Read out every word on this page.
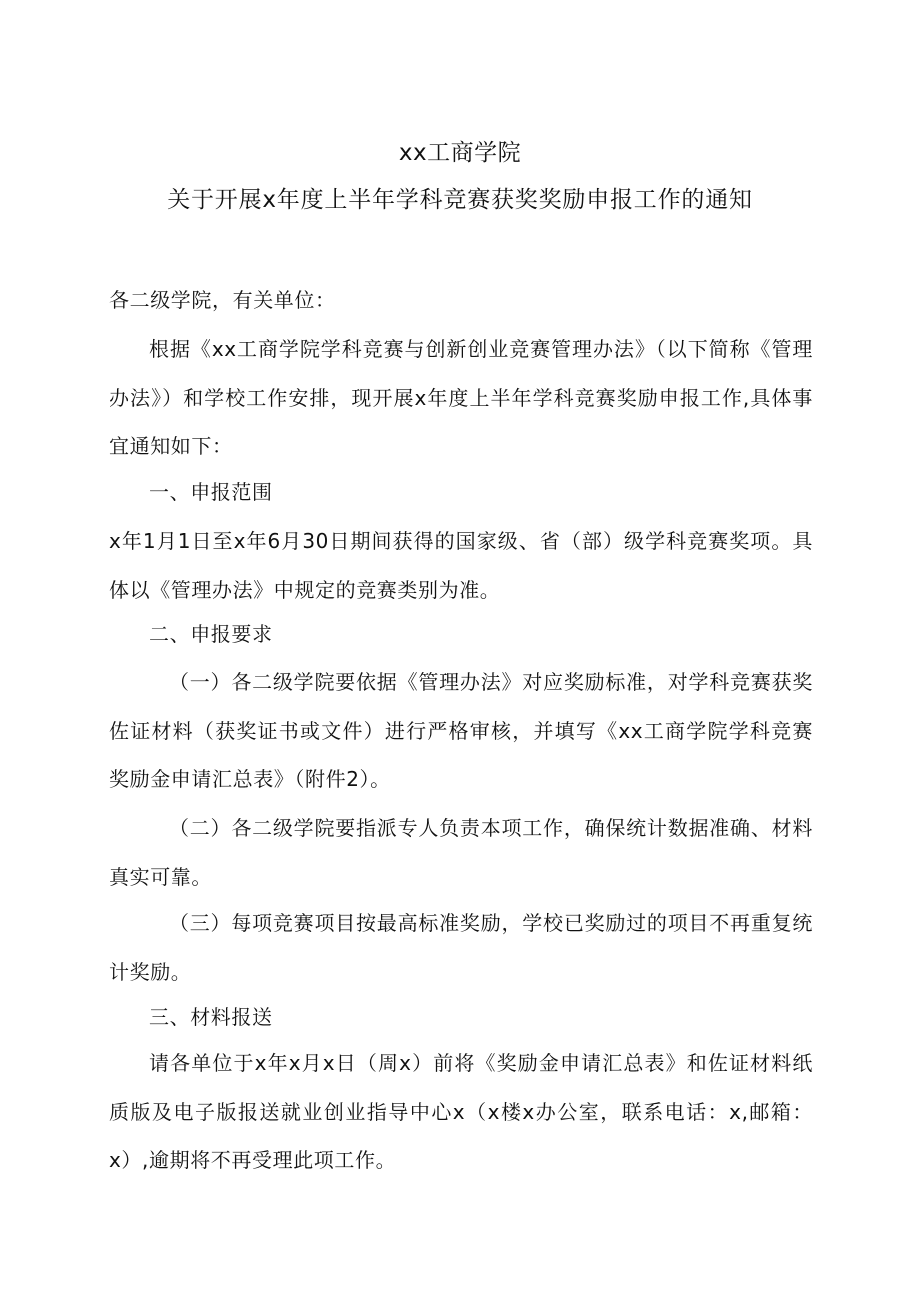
xx工商学院
关于开展x年度上半年学科竞赛获奖奖励申报工作的通知

各二级学院，有关单位：

根据《xx工商学院学科竞赛与创新创业竞赛管理办法》（以下简称《管理办法》）和学校工作安排，现开展x年度上半年学科竞赛奖励申报工作,具体事宜通知如下：

一、申报范围

x年1月1日至x年6月30日期间获得的国家级、省（部）级学科竞赛奖项。具体以《管理办法》中规定的竞赛类别为准。

二、申报要求

（一）各二级学院要依据《管理办法》对应奖励标准，对学科竞赛获奖佐证材料（获奖证书或文件）进行严格审核，并填写《xx工商学院学科竞赛奖励金申请汇总表》（附件2）。

（二）各二级学院要指派专人负责本项工作，确保统计数据准确、材料真实可靠。

（三）每项竞赛项目按最高标准奖励，学校已奖励过的项目不再重复统计奖励。

三、材料报送

请各单位于x年x月x日（周x）前将《奖励金申请汇总表》和佐证材料纸质版及电子版报送就业创业指导中心x（x楼x办公室，联系电话：x,邮箱：x）,逾期将不再受理此项工作。
